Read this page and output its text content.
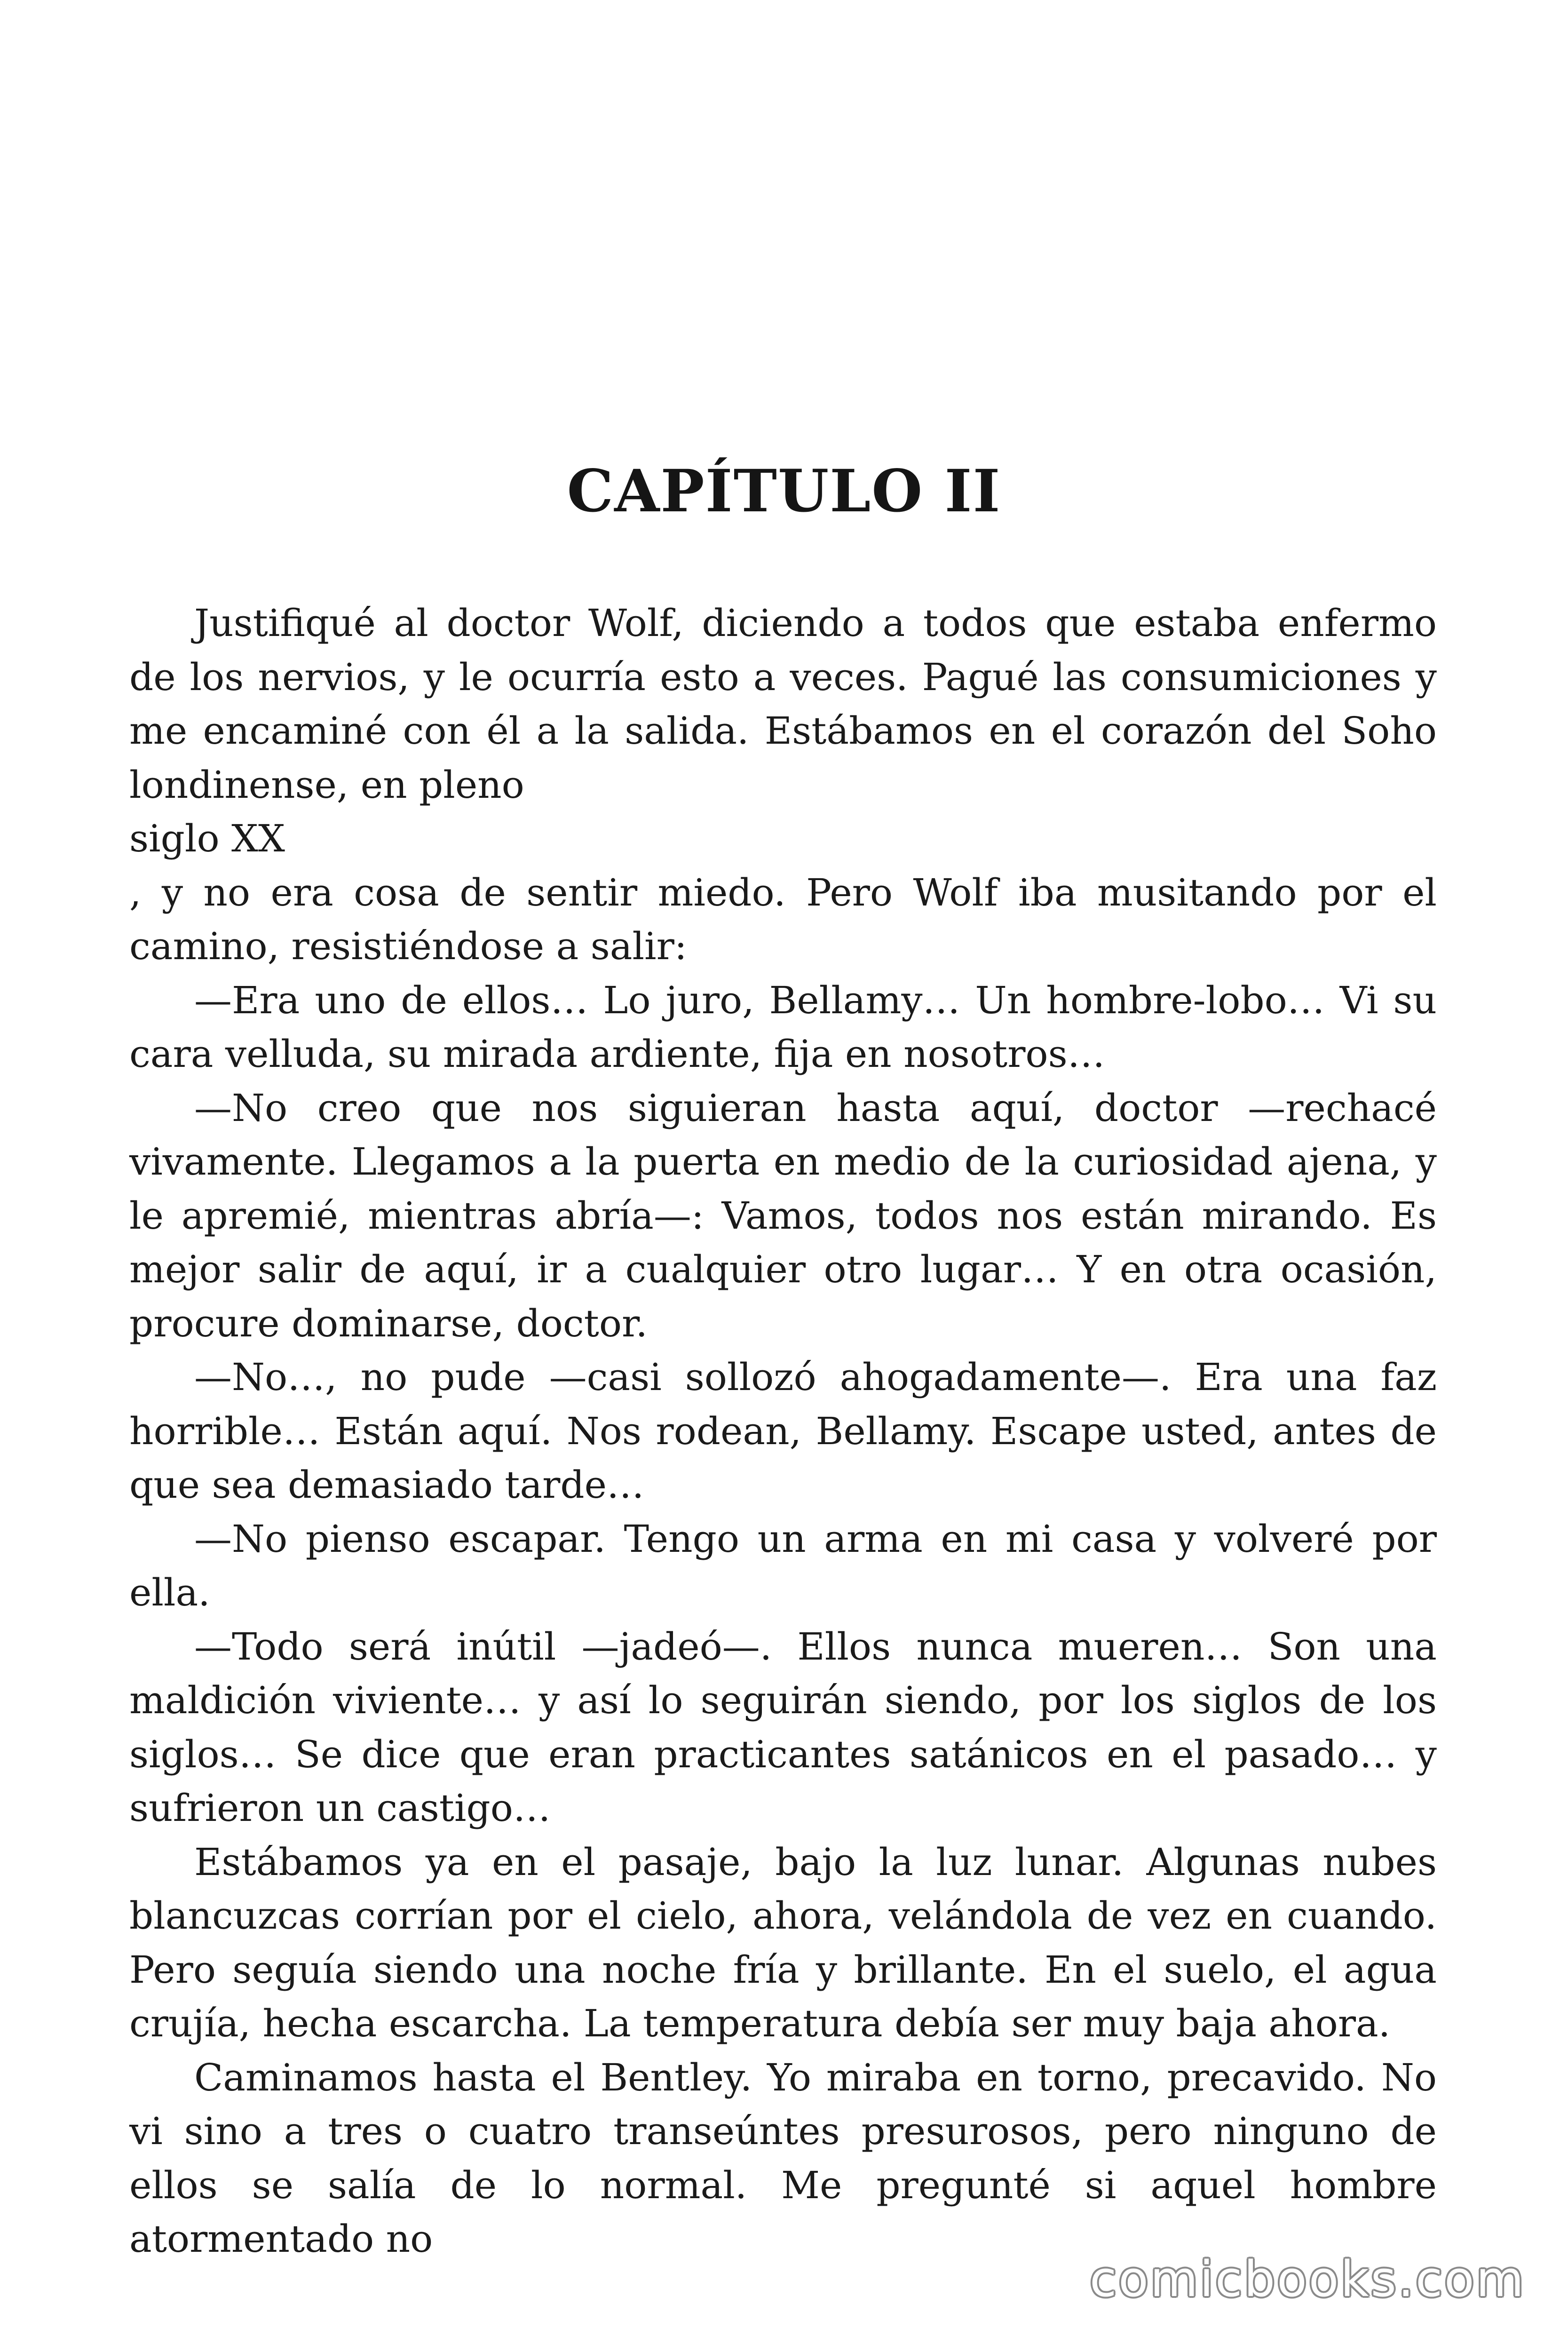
CAPÍTULO II

Justifiqué al doctor Wolf, diciendo a todos que estaba enfermo de los nervios, y le ocurría esto a veces. Pagué las consumiciones y me encaminé con él a la salida. Estábamos en el corazón del Soho londinense, en pleno

siglo XX

, y no era cosa de sentir miedo. Pero Wolf iba musitando por el camino, resistiéndose a salir:

—Era uno de ellos… Lo juro, Bellamy… Un hombre-lobo… Vi su cara velluda, su mirada ardiente, fija en nosotros…

—No creo que nos siguieran hasta aquí, doctor —rechacé vivamente. Llegamos a la puerta en medio de la curiosidad ajena, y le apremié, mientras abría—: Vamos, todos nos están mirando. Es mejor salir de aquí, ir a cualquier otro lugar… Y en otra ocasión, procure dominarse, doctor.

—No…, no pude —casi sollozó ahogadamente—. Era una faz horrible… Están aquí. Nos rodean, Bellamy. Escape usted, antes de que sea demasiado tarde…

—No pienso escapar. Tengo un arma en mi casa y volveré por ella.

—Todo será inútil —jadeó—. Ellos nunca mueren… Son una maldición viviente… y así lo seguirán siendo, por los siglos de los siglos… Se dice que eran practicantes satánicos en el pasado… y sufrieron un castigo…

Estábamos ya en el pasaje, bajo la luz lunar. Algunas nubes blancuzcas corrían por el cielo, ahora, velándola de vez en cuando. Pero seguía siendo una noche fría y brillante. En el suelo, el agua crujía, hecha escarcha. La temperatura debía ser muy baja ahora.

Caminamos hasta el Bentley. Yo miraba en torno, precavido. No vi sino a tres o cuatro transeúntes presurosos, pero ninguno de ellos se salía de lo normal. Me pregunté si aquel hombre atormentado no

comicbooks.com
